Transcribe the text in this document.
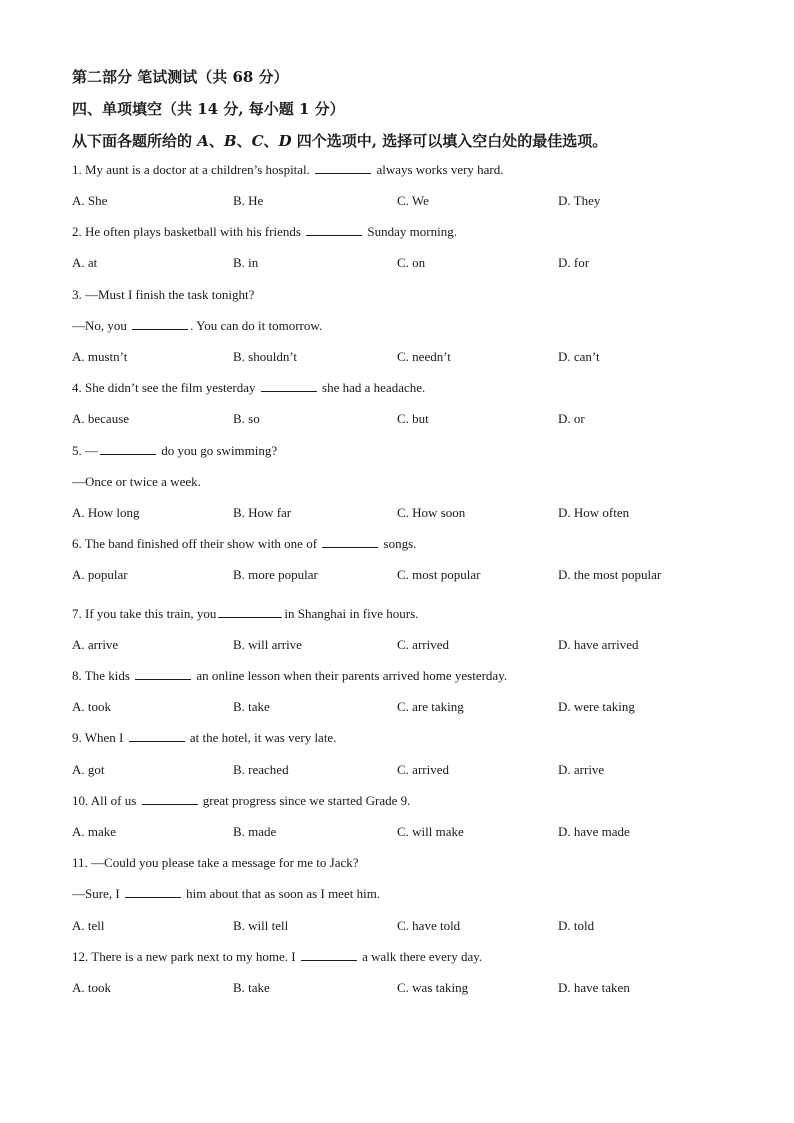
第二部分 笔试测试（共 68 分）
四、单项填空（共 14 分, 每小题 1 分）
从下面各题所给的 A、B、C、D 四个选项中, 选择可以填入空白处的最佳选项。
1. My aunt is a doctor at a children’s hospital.	always works very hard.
A. She	B. He	C. We	D. They
2. He often plays basketball with his friends	Sunday morning.
A. at	B. in	C. on	D. for
3. —Must I finish the task tonight?
—No, you	. You can do it tomorrow.
A. mustn’t	B. shouldn’t	C. needn’t	D. can’t
4. She didn’t see the film yesterday	she had a headache.
A. because	B. so	C. but	D. or
5. —	do you go swimming?
—Once or twice a week.
A. How long	B. How far	C. How soon	D. How often
6. The band finished off their show with one of	songs.
A. popular	B. more popular	C. most popular	D. the most popular
7. If you take this train, you	in Shanghai in five hours.
A. arrive	B. will arrive	C. arrived	D. have arrived
8. The kids	an online lesson when their parents arrived home yesterday.
A. took	B. take	C. are taking	D. were taking
9. When I	at the hotel, it was very late.
A. got	B. reached	C. arrived	D. arrive
10. All of us	great progress since we started Grade 9.
A. make	B. made	C. will make	D. have made
11. —Could you please take a message for me to Jack?
—Sure, I	him about that as soon as I meet him.
A. tell	B. will tell	C. have told	D. told
12. There is a new park next to my home. I	a walk there every day.
A. took	B. take	C. was taking	D. have taken
